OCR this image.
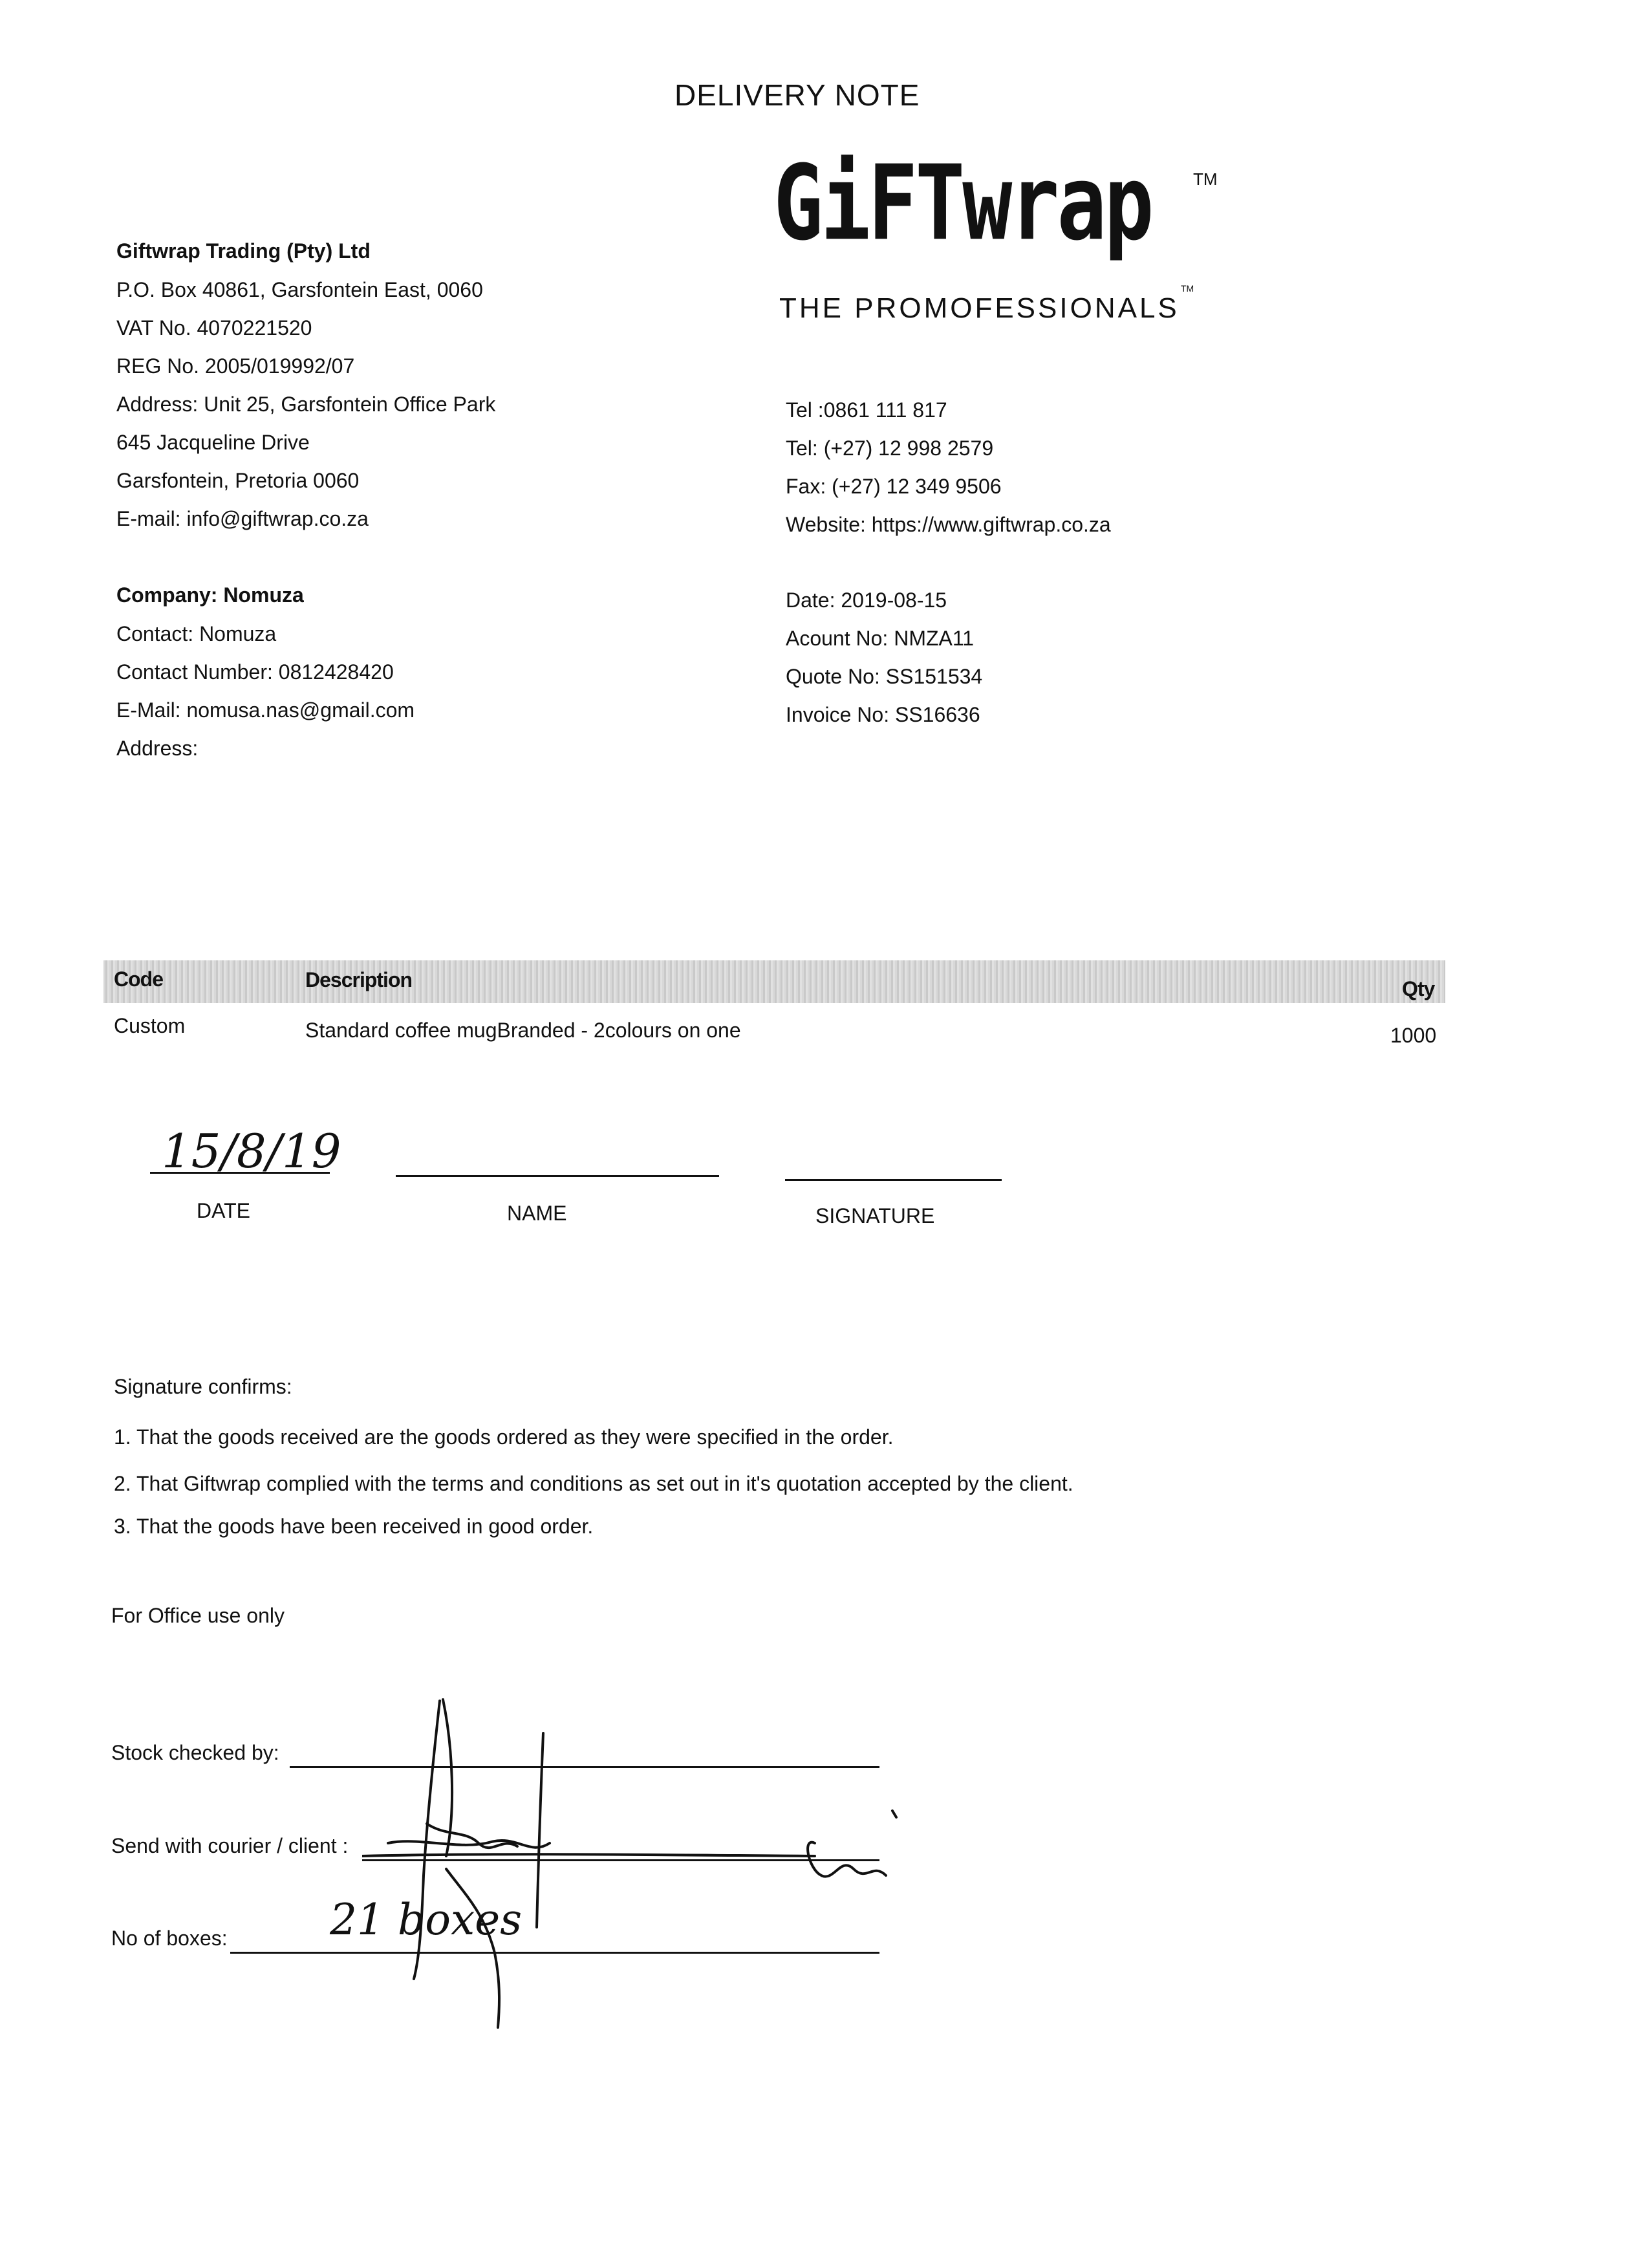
DELIVERY NOTE
GiFTwrap TM
THE PROMOFESSIONALS
TM
Giftwrap Trading (Pty) Ltd
P.O. Box 40861, Garsfontein East, 0060
VAT No. 4070221520
REG No. 2005/019992/07
Address: Unit 25, Garsfontein Office Park
645 Jacqueline Drive
Garsfontein, Pretoria 0060
E-mail: info@giftwrap.co.za
Tel :0861 111 817
Tel: (+27) 12 998 2579
Fax: (+27) 12 349 9506
Website: https://www.giftwrap.co.za
Company: Nomuza
Contact: Nomuza
Contact Number: 0812428420
E-Mail: nomusa.nas@gmail.com
Address:
Date: 2019-08-15
Acount No: NMZA11
Quote No: SS151534
Invoice No: SS16636
Code	Description	Qty
Custom	Standard coffee mugBranded - 2colours on one	1000
15/8/19
DATE	NAME	SIGNATURE
Signature confirms:
1. That the goods received are the goods ordered as they were specified in the order.
2. That Giftwrap complied with the terms and conditions as set out in it's quotation accepted by the client.
3. That the goods have been received in good order.
For Office use only
Stock checked by:
Send with courier / client :
No of boxes: 21 boxes
